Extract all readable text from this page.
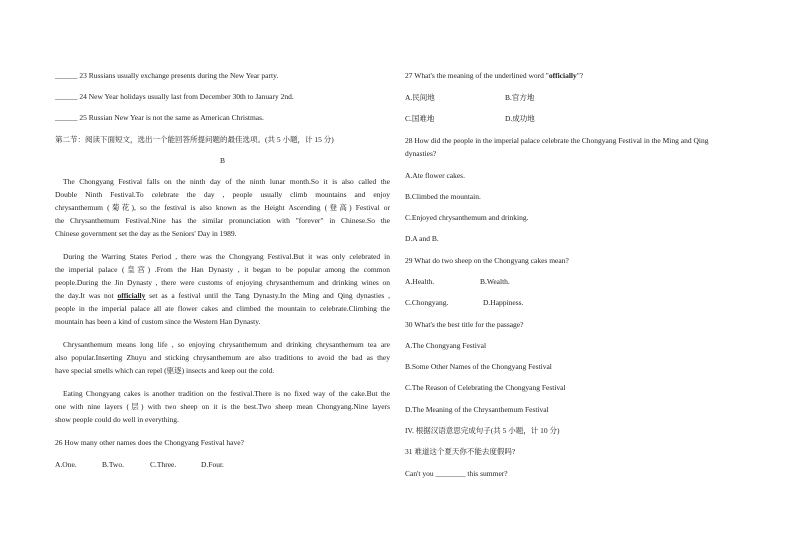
______ 23 Russians usually exchange presents during the New Year party.
______ 24 New Year holidays usually last from December 30th to January 2nd.
______ 25 Russian New Year is not the same as American Christmas.
第二节：阅读下面短文，选出一个能回答所提问题的最佳选项。(共 5 小题，计 15 分)
B
The Chongyang Festival falls on the ninth day of the ninth lunar month.So it is also called the
Double Ninth Festival.To celebrate the day , people usually climb mountains and enjoy
chrysanthemum (菊花), so the festival is also known as the Height Ascending (登高) Festival or
the Chrysanthemum Festival.Nine has the similar pronunciation with "forever" in Chinese.So the
Chinese government set the day as the Seniors' Day in 1989.
During the Warring States Period , there was the Chongyang Festival.But it was only celebrated in
the imperial palace (皇宫) .From the Han Dynasty , it began to be popular among the common
people.During the Jin Dynasty , there were customs of enjoying chrysanthemum and drinking wines on
the day.It was not officially set as a festival until the Tang Dynasty.In the Ming and Qing dynasties ,
people in the imperial palace all ate flower cakes and climbed the mountain to celebrate.Climbing the
mountain has been a kind of custom since the Western Han Dynasty.
Chrysanthemum means long life , so enjoying chrysanthemum and drinking chrysanthemum tea are
also popular.Inserting Zhuyu and sticking chrysanthemum are also traditions to avoid the bad as they
have special smells which can repel (驱逐) insects and keep out the cold.
Eating Chongyang cakes is another tradition on the festival.There is no fixed way of the cake.But the
one with nine layers (层) with two sheep on it is the best.Two sheep mean Chongyang.Nine layers
show people could do well in everything.
26 How many other names does the Chongyang Festival have?
A.One.	B.Two.	C.Three.	D.Four.
27 What's the meaning of the underlined word "officially"?
A.民间地	B.官方地
C.国难地	D.成功地
28 How did the people in the imperial palace celebrate the Chongyang Festival in the Ming and Qing
dynasties?
A.Ate flower cakes.
B.Climbed the mountain.
C.Enjoyed chrysanthemum and drinking.
D.A and B.
29 What do two sheep on the Chongyang cakes mean?
A.Health.	B.Wealth.
C.Chongyang.	D.Happiness.
30 What's the best title for the passage?
A.The Chongyang Festival
B.Some Other Names of the Chongyang Festival
C.The Reason of Celebrating the Chongyang Festival
D.The Meaning of the Chrysanthemum Festival
IV. 根据汉语意思完成句子(共 5 小题，计 10 分)
31 难道这个夏天你不能去度假吗?
Can't you ________ this summer?
